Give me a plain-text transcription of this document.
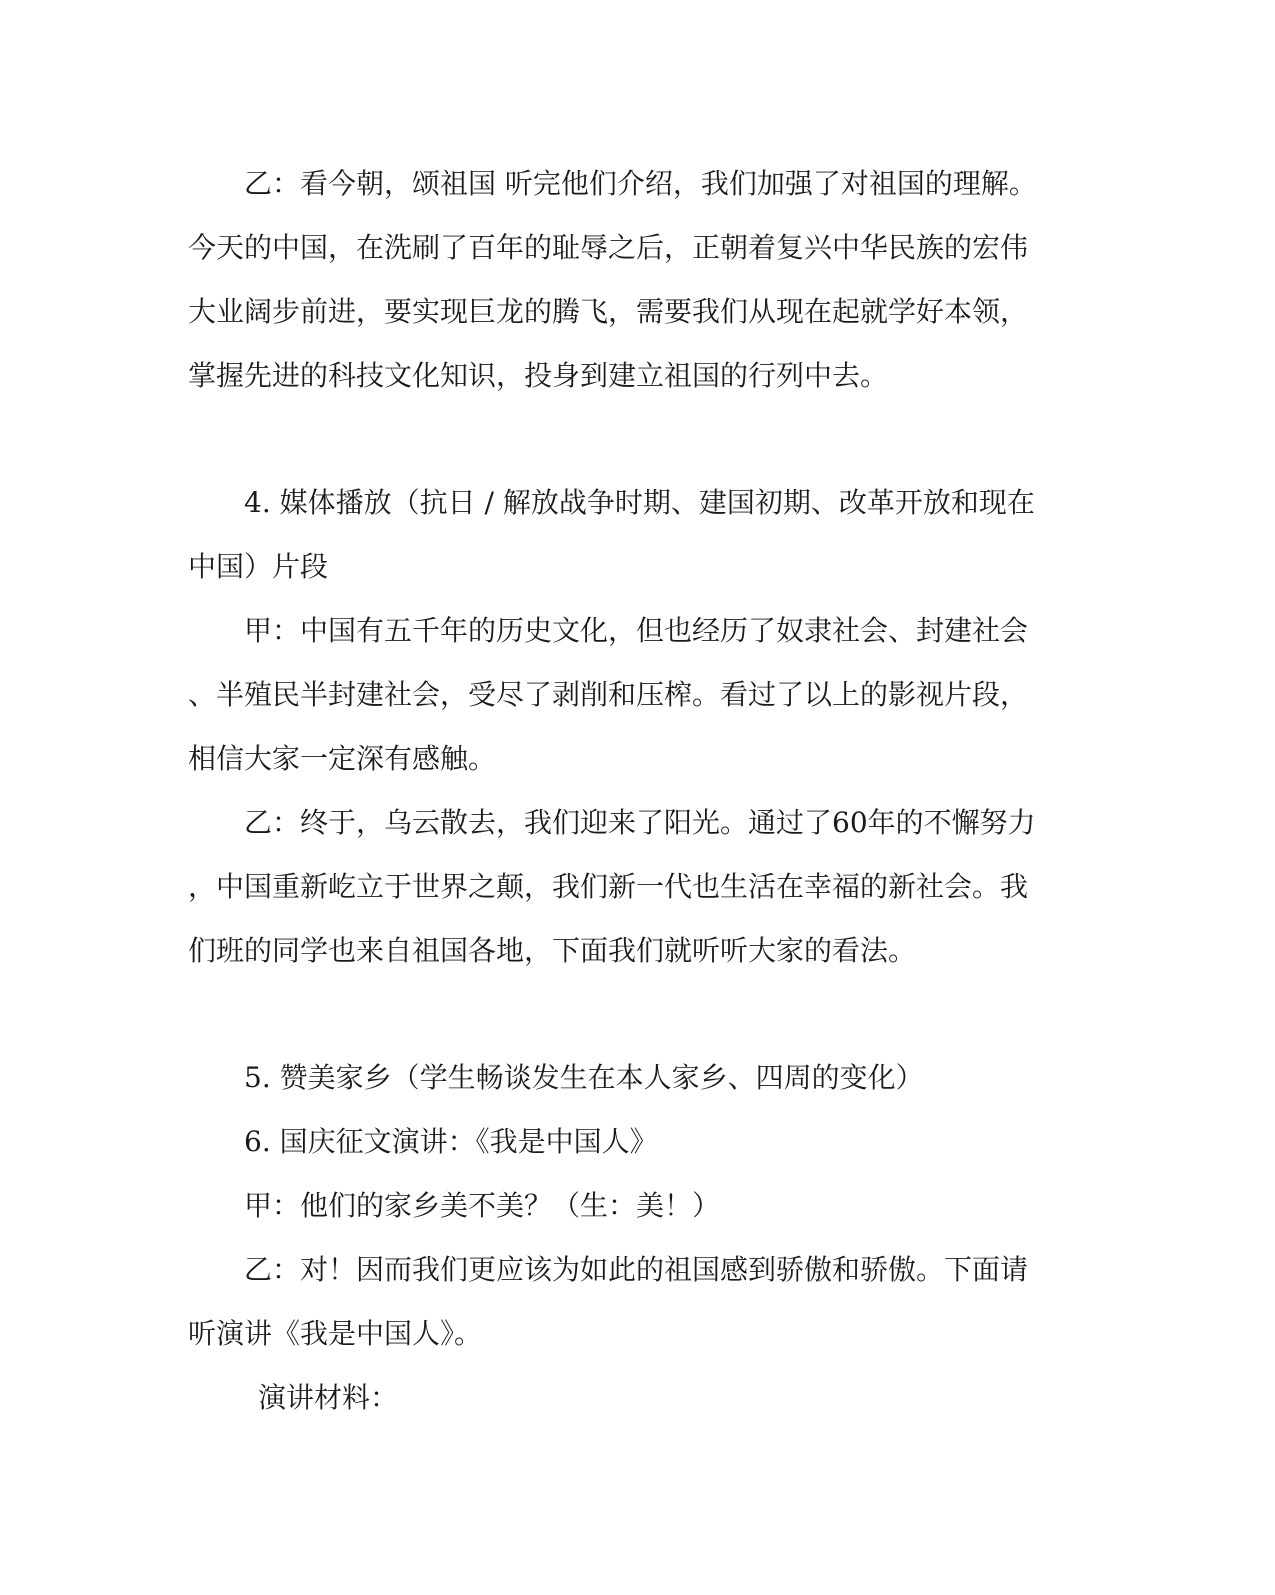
乙：看今朝，颂祖国 听完他们介绍，我们加强了对祖国的理解。
今天的中国，在洗刷了百年的耻辱之后，正朝着复兴中华民族的宏伟
大业阔步前进，要实现巨龙的腾飞，需要我们从现在起就学好本领，
掌握先进的科技文化知识，投身到建立祖国的行列中去。
4. 媒体播放（抗日 / 解放战争时期、建国初期、改革开放和现在
中国）片段
甲：中国有五千年的历史文化，但也经历了奴隶社会、封建社会
、半殖民半封建社会，受尽了剥削和压榨。看过了以上的影视片段，
相信大家一定深有感触。
乙：终于，乌云散去，我们迎来了阳光。通过了60年的不懈努力
，中国重新屹立于世界之颠，我们新一代也生活在幸福的新社会。我
们班的同学也来自祖国各地，下面我们就听听大家的看法。
5. 赞美家乡（学生畅谈发生在本人家乡、四周的变化）
6. 国庆征文演讲：《我是中国人》
甲：他们的家乡美不美？（生：美！）
乙：对！因而我们更应该为如此的祖国感到骄傲和骄傲。下面请
听演讲《我是中国人》。
演讲材料：
